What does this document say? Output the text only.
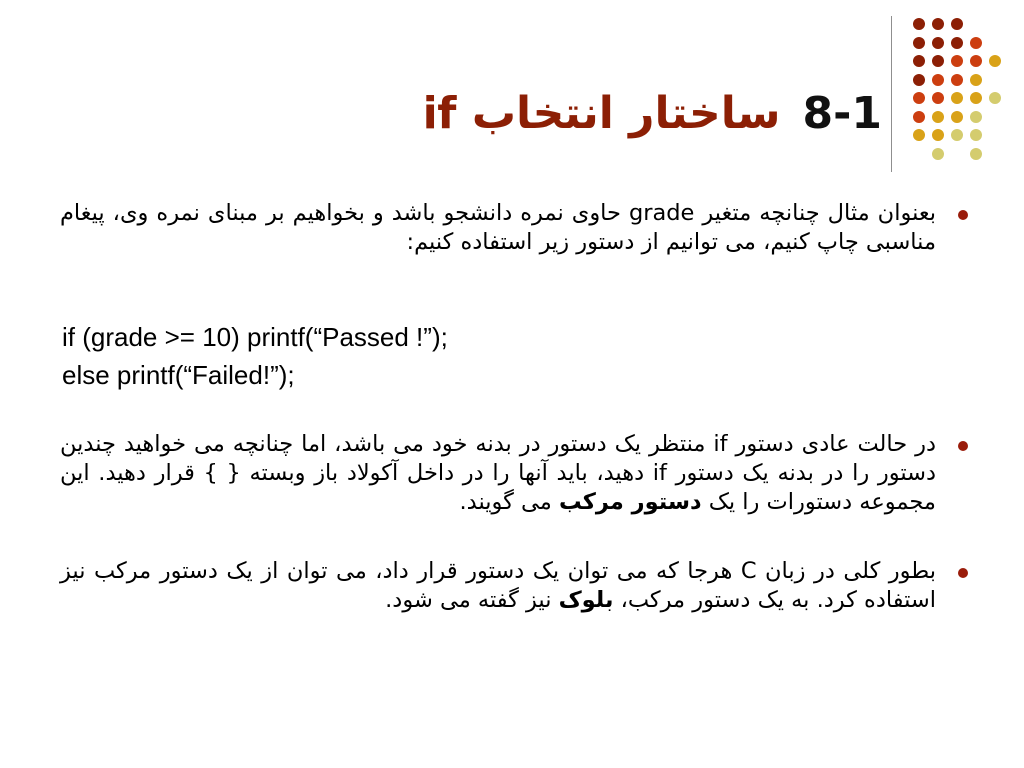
8-1ساختار انتخابif
بعنوان مثال چنانچه متغیر grade حاوی نمره دانشجو باشد و بخواهیم بر مبنای نمره وی، پیغام مناسبی چاپ کنیم، می توانیم از دستور زیر استفاده کنیم:
if (grade >= 10) printf(“Passed !”);
else printf(“Failed!”);
در حالت عادی دستور if منتظر یک دستور در بدنه خود می باشد، اما چنانچه می خواهید چندین دستور را در بدنه یک دستور if دهید، باید آنها را در داخل آکولاد باز وبسته { } قرار دهید. این مجموعه دستورات را یک دستور مرکب می گویند.
بطور کلی در زبان C هرجا که می توان یک دستور قرار داد، می توان از یک دستور مرکب نیز استفاده کرد. به یک دستور مرکب، بلوک نیز گفته می شود.
